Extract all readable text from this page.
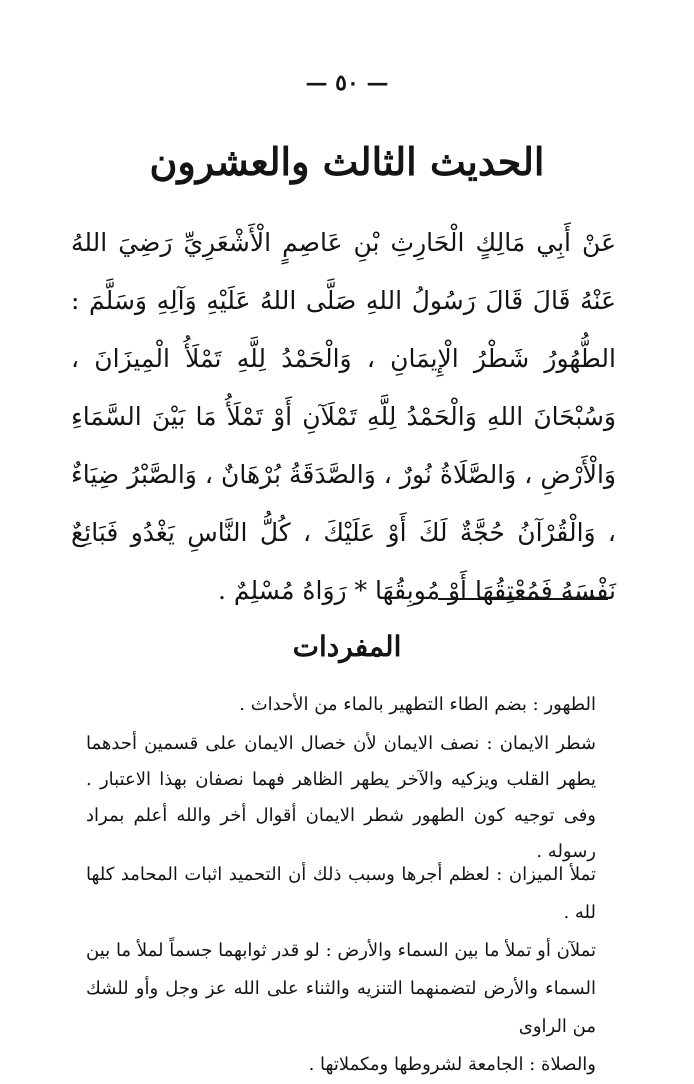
— ٥٠ —
الحديث الثالث والعشرون
عَنْ أَبِي مَالِكٍ الْحَارِثِ بْنِ عَاصِمٍ الْأَشْعَرِيِّ رَضِيَ اللهُ عَنْهُ قَالَ قَالَ رَسُولُ اللهِ صَلَّى اللهُ عَلَيْهِ وَآلِهِ وَسَلَّمَ : الطُّهُورُ شَطْرُ الْإِيمَانِ ، وَالْحَمْدُ لِلَّهِ تَمْلَأُ الْمِيزَانَ ، وَسُبْحَانَ اللهِ وَالْحَمْدُ لِلَّهِ تَمْلَآنِ أَوْ تَمْلَأُ مَا بَيْنَ السَّمَاءِ وَالْأَرْضِ ، وَالصَّلَاةُ نُورٌ ، وَالصَّدَقَةُ بُرْهَانٌ ، وَالصَّبْرُ ضِيَاءٌ ، وَالْقُرْآنُ حُجَّةٌ لَكَ أَوْ عَلَيْكَ ، كُلُّ النَّاسِ يَغْدُو فَبَائِعٌ نَفْسَهُ فَمُعْتِقُهَا أَوْ مُوبِقُهَا * رَوَاهُ مُسْلِمٌ .
المفردات

الطهور : بضم الطاء التطهير بالماء من الأحداث .

شطر الايمان : نصف الايمان لأن خصال الايمان على قسمين أحدهما يطهر القلب ويزكيه والآخر يطهر الظاهر فهما نصفان بهذا الاعتبار . وفى توجيه كون الطهور شطر الايمان أقوال أخر والله أعلم بمراد رسوله .

تملأ الميزان : لعظم أجرها وسبب ذلك أن التحميد اثبات المحامد كلها لله .

تملآن أو تملأ ما بين السماء والأرض : لو قدر ثوابهما جسماً لملأ ما بين السماء والأرض لتضمنهما التنزيه والثناء على الله عز وجل وأو للشك من الراوى

والصلاة : الجامعة لشروطها ومكملاتها .
